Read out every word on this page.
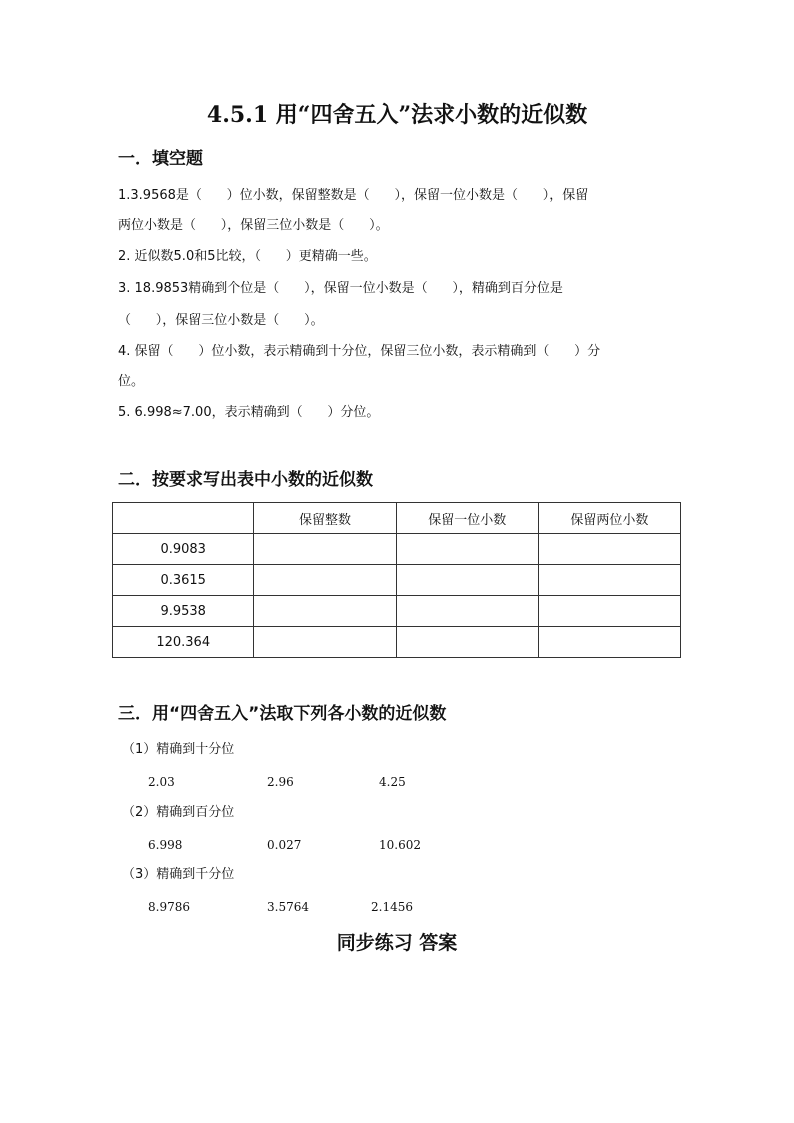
4.5.1 用“四舍五入”法求小数的近似数
一．填空题
1.3.9568是（      ）位小数，保留整数是（      ），保留一位小数是（      ），保留
两位小数是（      ），保留三位小数是（      ）。
2. 近似数5.0和5比较，（      ）更精确一些。
3. 18.9853精确到个位是（      ），保留一位小数是（      ），精确到百分位是
（      ），保留三位小数是（      ）。
4. 保留（      ）位小数，表示精确到十分位，保留三位小数，表示精确到（      ）分
位。
5. 6.998≈7.00，表示精确到（      ）分位。
二．按要求写出表中小数的近似数
	保留整数	保留一位小数	保留两位小数
0.9083			
0.3615			
9.9538			
120.364			
三．用“四舍五入”法取下列各小数的近似数
（1）精确到十分位
2.03	2.96	4.25
（2）精确到百分位
6.998	0.027	10.602
（3）精确到千分位
8.9786	3.5764	2.1456
同步练习 答案
